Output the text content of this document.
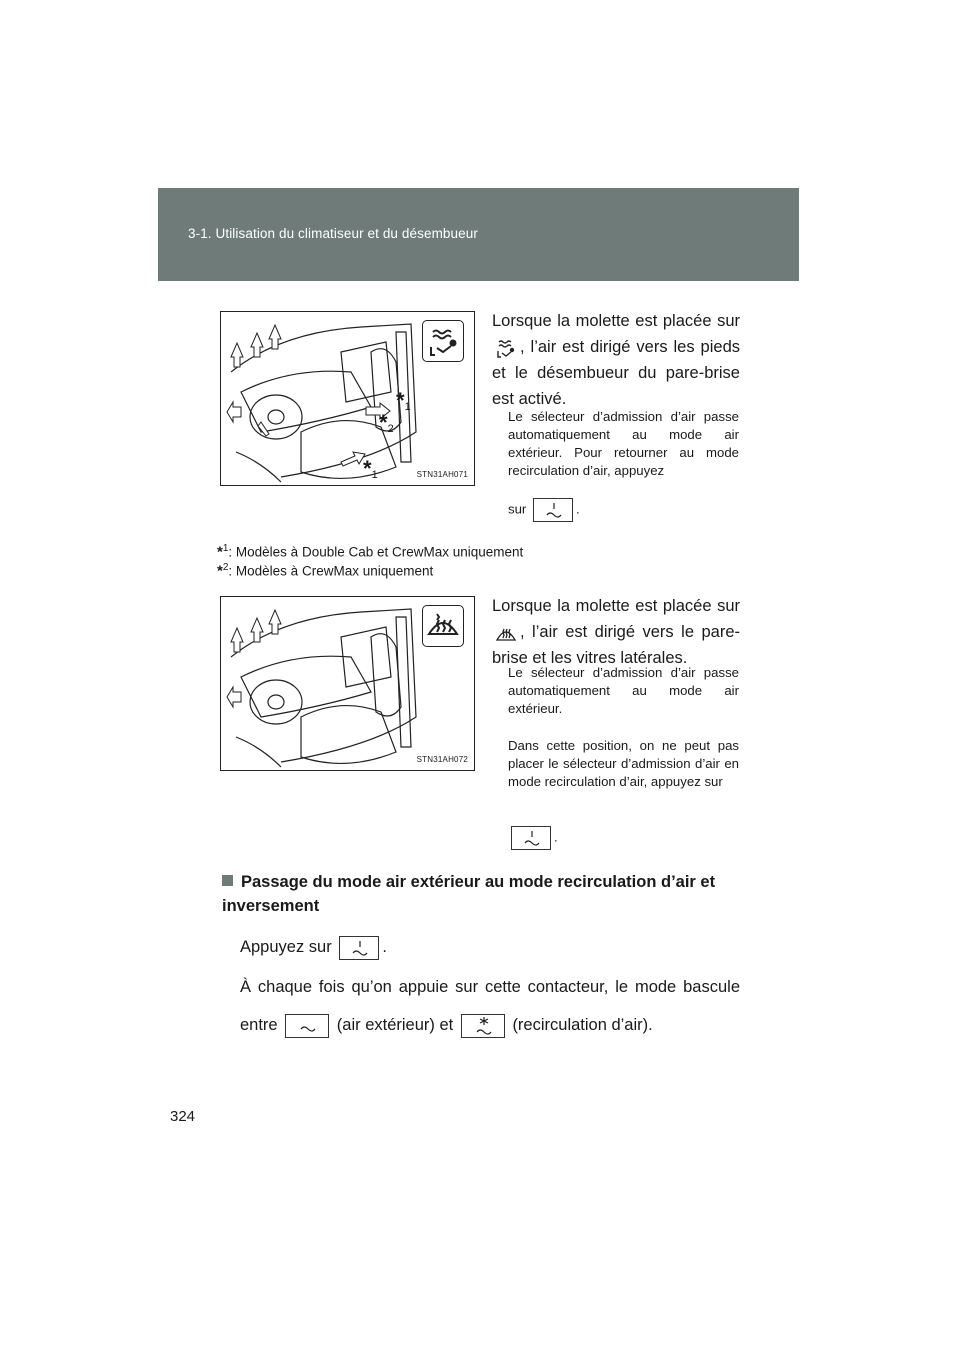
3-1. Utilisation du climatiseur et du désembueur
$*_1$
$*_2$
$*_1$	STN31AH071
Lorsque la molette est placée sur , l’air est dirigé vers les pieds et le désembueur du pare-brise est activé.
Le sélecteur d’admission d’air passe automatiquement au mode air extérieur. Pour retourner au mode recirculation d’air, appuyez
sur	.
*$^1$: Modèles à Double Cab et CrewMax uniquement
*$^2$: Modèles à CrewMax uniquement
STN31AH072
Lorsque la molette est placée sur , l’air est dirigé vers le pare-brise et les vitres latérales.
Le sélecteur d’admission d’air passe automatiquement au mode air extérieur.
Dans cette position, on ne peut pas placer le sélecteur d’admission d’air en mode recirculation d’air, appuyez sur
.
Passage du mode air extérieur au mode recirculation d’air et inversement
Appuyez sur	.
À chaque fois qu’on appuie sur cette contacteur, le mode bascule
entre	(air extérieur) et	(recirculation d’air).
324
